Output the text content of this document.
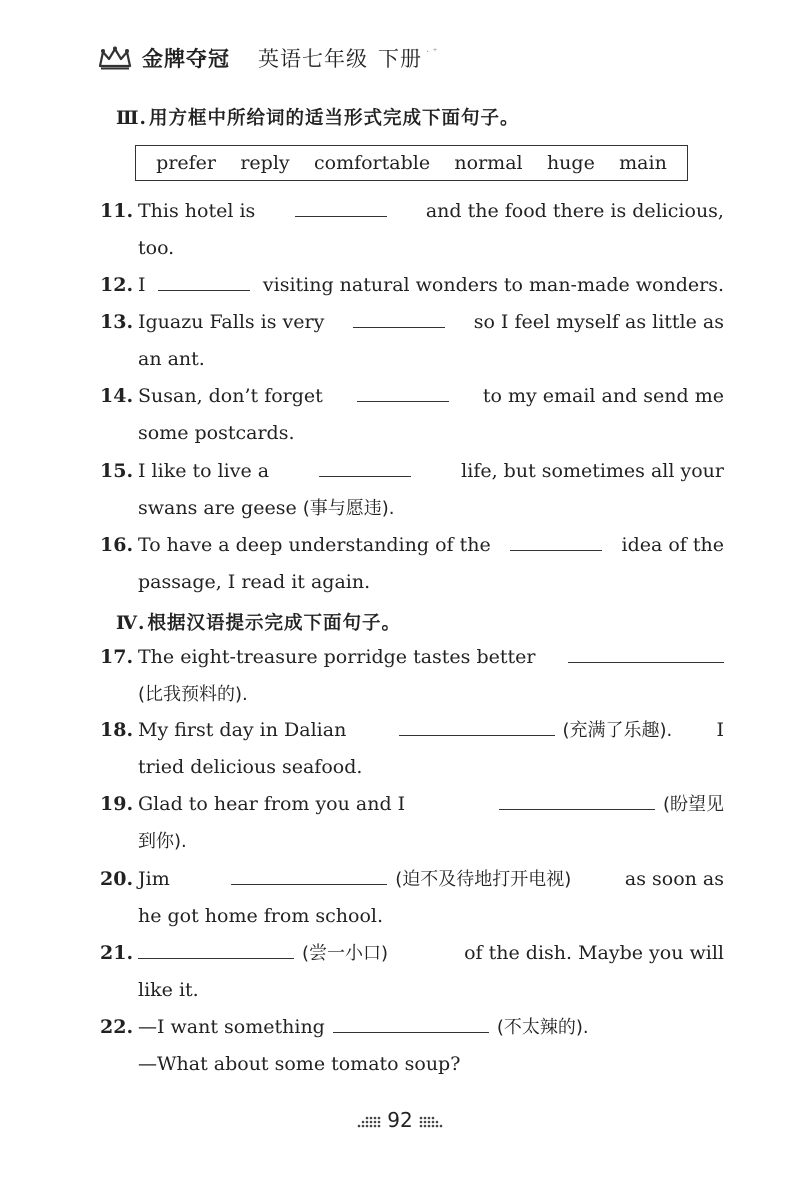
金牌夺冠 英语七年级 下册 · ⁺
Ⅲ. 用方框中所给词的适当形式完成下面句子。
prefer reply comfortable normal huge main
11. This hotel is	and the food there is delicious,
too.
12. I	visiting natural wonders to man-made wonders.
13. Iguazu Falls is very	so I feel myself as little as
an ant.
14. Susan, don’t forget	to my email and send me
some postcards.
15. I like to live a	life, but sometimes all your
swans are geese
(事与愿违).
16. To have a deep understanding of the	idea of the
passage, I read it again.
Ⅳ. 根据汉语提示完成下面句子。
17. The eight-treasure porridge tastes better
(比我预料的).
18. My first day in Dalian	(充满了乐趣). I
tried delicious seafood.
19. Glad to hear from you and I	(盼望见
到你).
20. Jim	(迫不及待地打开电视)	as soon as
he got home from school.
21.	(尝一小口)	of the dish. Maybe you will
like it.
22. —I want something	(不太辣的).
—What about some tomato soup?
92
